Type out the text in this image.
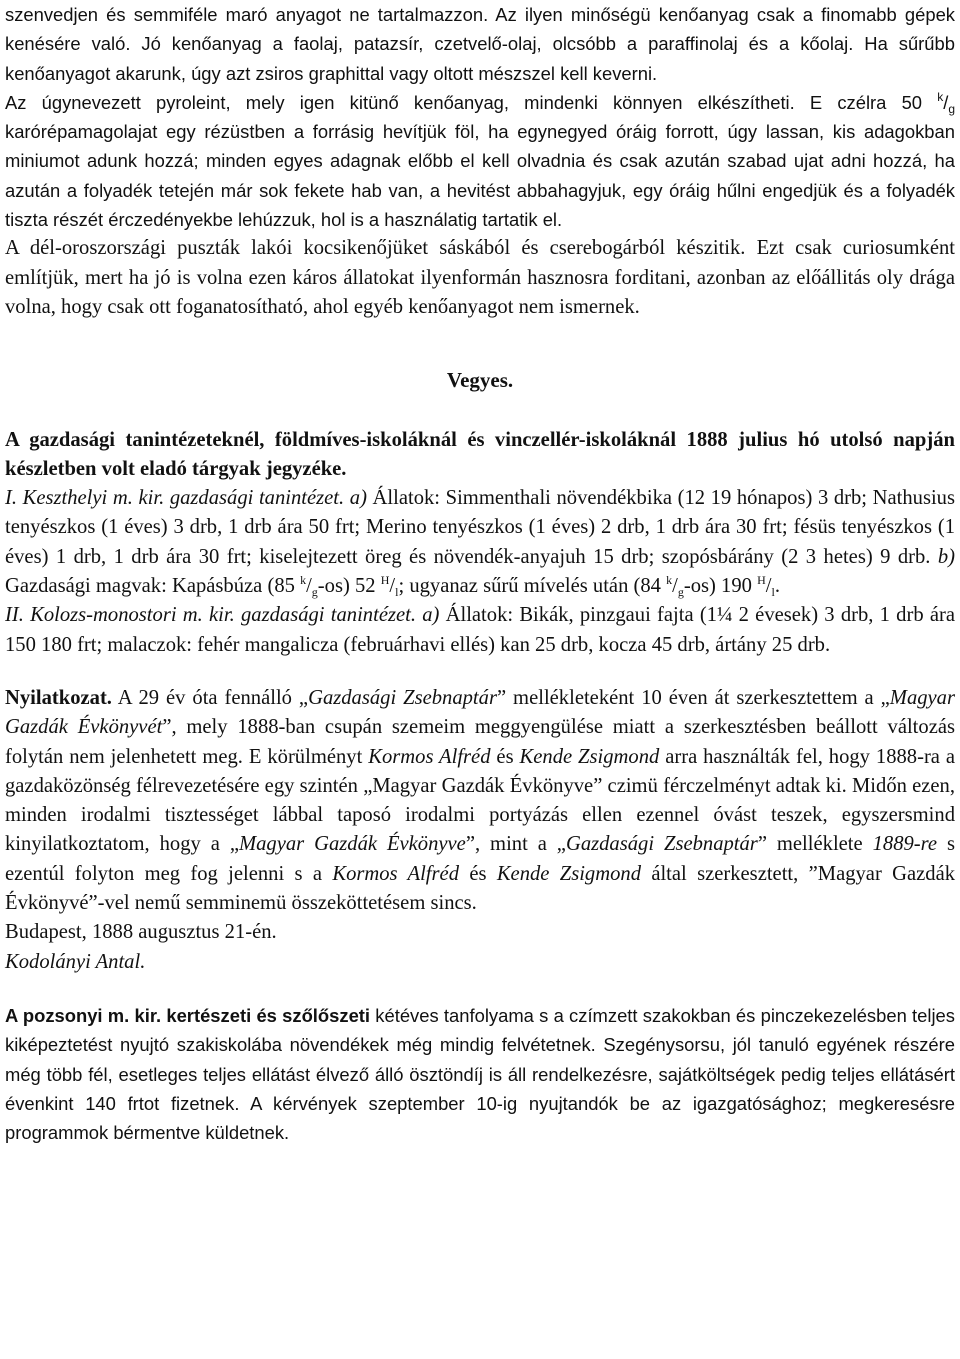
szenvedjen és semmiféle maró anyagot ne tartalmazzon. Az ilyen minőségü kenőanyag csak a finomabb gépek kenésére való. Jó kenőanyag a faolaj, patazsír, czetvelő-olaj, olcsóbb a paraffinolaj és a kőolaj. Ha sűrűbb kenőanyagot akarunk, úgy azt zsiros graphittal vagy oltott mészszel kell keverni.

Az úgynevezett pyroleint, mely igen kitünő kenőanyag, mindenki könnyen elkészítheti. E czélra 50 $^k/_g$ karórépamagolajat egy rézüstben a forrásig hevítjük föl, ha egynegyed óráig forrott, úgy lassan, kis adagokban miniumot adunk hozzá; minden egyes adagnak előbb el kell olvadnia és csak azután szabad ujat adni hozzá, ha azután a folyadék tetején már sok fekete hab van, a hevitést abbahagyjuk, egy óráig hűlni engedjük és a folyadék tiszta részét érczedényekbe lehúzzuk, hol is a használatig tartatik el.

A dél-oroszországi puszták lakói kocsikenőjüket sáskából és cserebogárból készitik. Ezt csak curiosumként említjük, mert ha jó is volna ezen káros állatokat ilyenformán hasznosra forditani, azonban az előállitás oly drága volna, hogy csak ott foganatosítható, ahol egyéb kenőanyagot nem ismernek.

Vegyes.

A gazdasági tanintézeteknél, földmíves-iskoláknál és vinczellér-iskoláknál 1888 julius hó utolsó napján készletben volt eladó tárgyak jegyzéke.

I. Keszthelyi m. kir. gazdasági tanintézet. a) Állatok: Simmenthali növendékbika (12 19 hónapos) 3 drb; Nathusius tenyészkos (1 éves) 3 drb, 1 drb ára 50 frt; Merino tenyészkos (1 éves) 2 drb, 1 drb ára 30 frt; fésüs tenyészkos (1 éves) 1 drb, 1 drb ára 30 frt; kiselejtezett öreg és növendék-anyajuh 15 drb; szopósbárány (2 3 hetes) 9 drb. b) Gazdasági magvak: Kapásbúza (85 $^k/_g-os$) 52 $^H/_l$; ugyanaz sűrű mívelés után (84 $^k/_g-os$) 190 $^H/_l$.

II. Kolozs-monostori m. kir. gazdasági tanintézet. a) Állatok: Bikák, pinzgaui fajta (1¼ 2 évesek) 3 drb, 1 drb ára 150 180 frt; malaczok: fehér mangalicza (februárhavi ellés) kan 25 drb, kocza 45 drb, ártány 25 drb.

Nyilatkozat. A 29 év óta fennálló „Gazdasági Zsebnaptár” mellékleteként 10 éven át szerkesztettem a „Magyar Gazdák Évkönyvét”, mely 1888-ban csupán szemeim meggyengülése miatt a szerkesztésben beállott változás folytán nem jelenhetett meg. E körülményt Kormos Alfréd és Kende Zsigmond arra használták fel, hogy 1888-ra a gazdaközönség félrevezetésére egy szintén „Magyar Gazdák Évkönyve” czimü férczelményt adtak ki. Midőn ezen, minden irodalmi tisztességet lábbal taposó irodalmi portyázás ellen ezennel óvást teszek, egyszersmind kinyilatkoztatom, hogy a „Magyar Gazdák Évkönyve”, mint a „Gazdasági Zsebnaptár” melléklete 1889-re s ezentúl folyton meg fog jelenni s a Kormos Alfréd és Kende Zsigmond által szerkesztett, ”Magyar Gazdák Évkönyvé”-vel nemű semminemü összeköttetésem sincs.

Budapest, 1888 augusztus 21-én.

Kodolányi Antal.

A pozsonyi m. kir. kertészeti és szőlőszeti kétéves tanfolyama s a czímzett szakokban és pinczekezelésben teljes kiképeztetést nyujtó szakiskolába növendékek még mindig felvétetnek. Szegénysorsu, jól tanuló egyének részére még több fél, esetleges teljes ellátást élvező álló ösztöndíj is áll rendelkezésre, sajátköltségek pedig teljes ellátásért évenkint 140 frtot fizetnek. A kérvények szeptember 10-ig nyujtandók be az igazgatósághoz; megkeresésre programmok bérmentve küldetnek.
